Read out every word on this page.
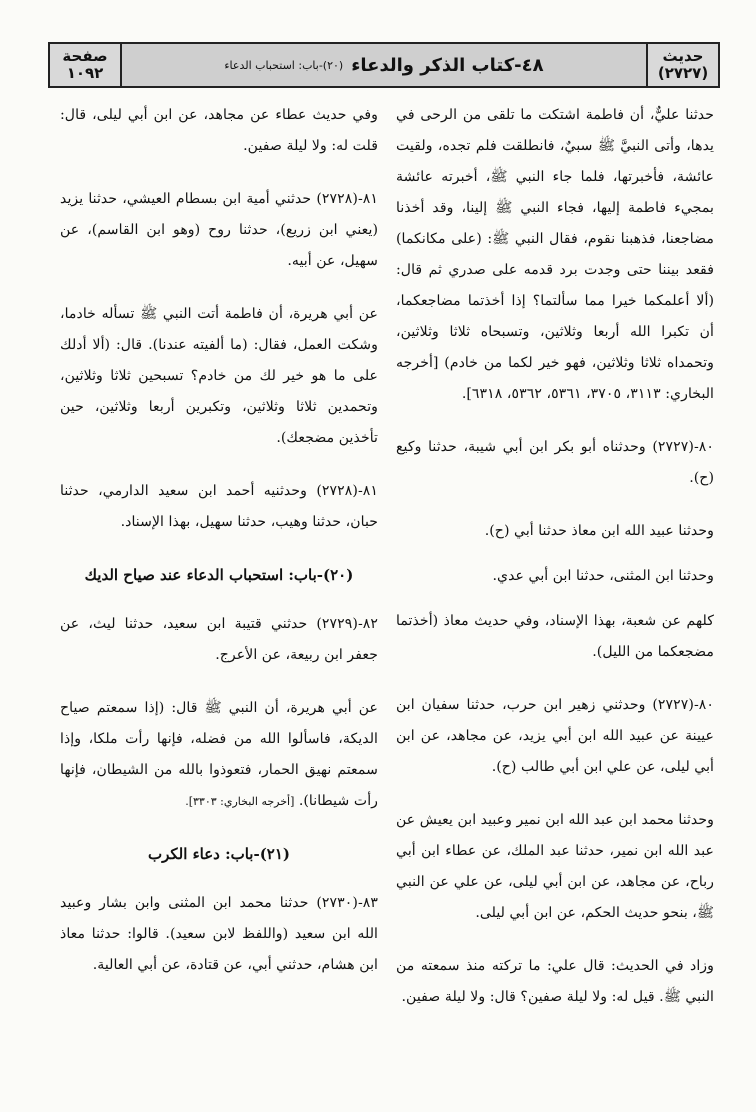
حديث
(٢٧٢٧)
٤٨-كتاب الذكر والدعاء
(٢٠)-باب: استحباب الدعاء
صفحة
١٠٩٢

حدثنا عليٌّ، أن فاطمة اشتكت ما تلقى من الرحى في يدها، وأتى النبيَّ ﷺ سبيٌ، فانطلقت فلم تجده، ولقيت عائشة، فأخبرتها، فلما جاء النبي ﷺ، أخبرته عائشة بمجيء فاطمة إليها، فجاء النبي ﷺ إلينا، وقد أخذنا مضاجعنا، فذهبنا نقوم، فقال النبي ﷺ: (على مكانكما) فقعد بيننا حتى وجدت برد قدمه على صدري ثم قال: (ألا أعلمكما خيرا مما سألتما؟ إذا أخذتما مضاجعكما، أن تكبرا الله أربعا وثلاثين، وتسبحاه ثلاثا وثلاثين، وتحمداه ثلاثا وثلاثين، فهو خير لكما من خادم) [أخرجه البخاري: ٣١١٣، ٣٧٠٥، ٥٣٦١، ٥٣٦٢، ٦٣١٨].

٨٠-(٢٧٢٧) وحدثناه أبو بكر ابن أبي شيبة، حدثنا وكيع (ح).

وحدثنا عبيد الله ابن معاذ حدثنا أبي (ح).

وحدثنا ابن المثنى، حدثنا ابن أبي عدي.

كلهم عن شعبة، بهذا الإسناد، وفي حديث معاذ (أخذتما مضجعكما من الليل).

٨٠-(٢٧٢٧) وحدثني زهير ابن حرب، حدثنا سفيان ابن عيينة عن عبيد الله ابن أبي يزيد، عن مجاهد، عن ابن أبي ليلى، عن علي ابن أبي طالب (ح).

وحدثنا محمد ابن عبد الله ابن نمير وعبيد ابن يعيش عن عبد الله ابن نمير، حدثنا عبد الملك، عن عطاء ابن أبي رباح، عن مجاهد، عن ابن أبي ليلى، عن علي عن النبي ﷺ، بنحو حديث الحكم، عن ابن أبي ليلى.

وزاد في الحديث: قال علي: ما تركته منذ سمعته من النبي ﷺ. قيل له: ولا ليلة صفين؟ قال: ولا ليلة صفين.

وفي حديث عطاء عن مجاهد، عن ابن أبي ليلى، قال: قلت له: ولا ليلة صفين.

٨١-(٢٧٢٨) حدثني أمية ابن بسطام العيشي، حدثنا يزيد (يعني ابن زريع)، حدثنا روح (وهو ابن القاسم)، عن سهيل، عن أبيه.

عن أبي هريرة، أن فاطمة أتت النبي ﷺ تسأله خادما، وشكت العمل، فقال: (ما ألفيته عندنا). قال: (ألا أدلك على ما هو خير لك من خادم؟ تسبحين ثلاثا وثلاثين، وتحمدين ثلاثا وثلاثين، وتكبرين أربعا وثلاثين، حين تأخذين مضجعك).

٨١-(٢٧٢٨) وحدثنيه أحمد ابن سعيد الدارمي، حدثنا حبان، حدثنا وهيب، حدثنا سهيل، بهذا الإسناد.

(٢٠)-باب: استحباب الدعاء عند صياح الديك

٨٢-(٢٧٢٩) حدثني قتيبة ابن سعيد، حدثنا ليث، عن جعفر ابن ربيعة، عن الأعرج.

عن أبي هريرة، أن النبي ﷺ قال: (إذا سمعتم صياح الديكة، فاسألوا الله من فضله، فإنها رأت ملكا، وإذا سمعتم نهيق الحمار، فتعوذوا بالله من الشيطان، فإنها رأت شيطانا). [أخرجه البخاري: ٣٣٠٣].

(٢١)-باب: دعاء الكرب

٨٣-(٢٧٣٠) حدثنا محمد ابن المثنى وابن بشار وعبيد الله ابن سعيد (واللفظ لابن سعيد). قالوا: حدثنا معاذ ابن هشام، حدثني أبي، عن قتادة، عن أبي العالية.
